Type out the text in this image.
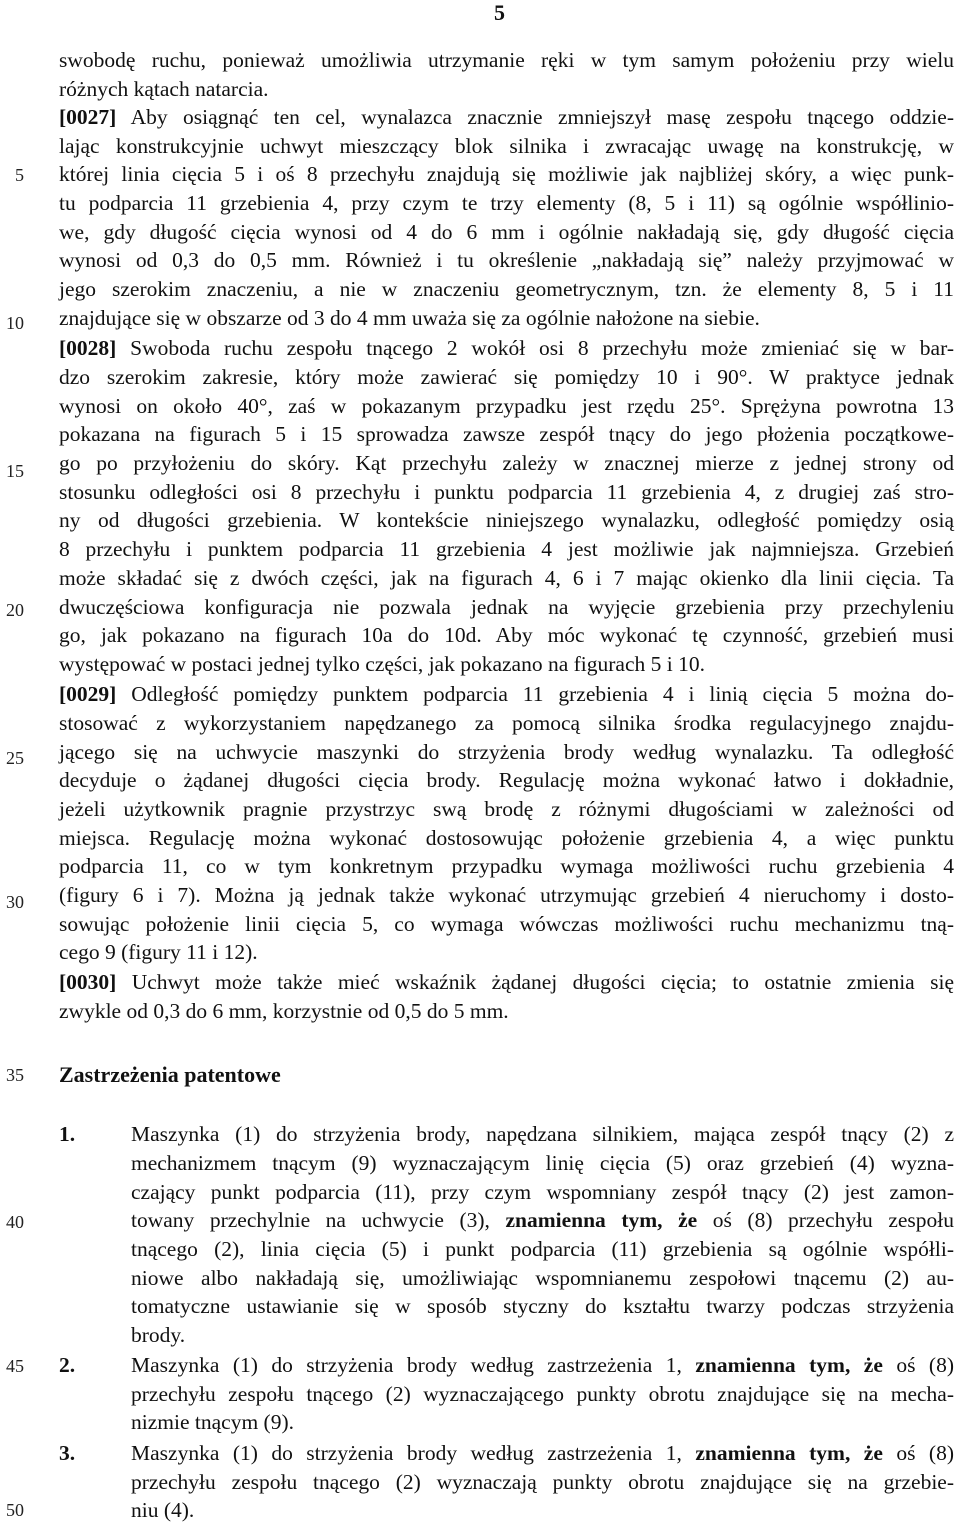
5
5
10
15
20
25
30
35
40
45
50
swobodę ruchu, ponieważ umożliwia utrzymanie ręki w tym samym położeniu przy wielu
różnych kątach natarcia.
[0027] Aby osiągnąć ten cel, wynalazca znacznie zmniejszył masę zespołu tnącego oddzie-
lając konstrukcyjnie uchwyt mieszczący blok silnika i zwracając uwagę na konstrukcję, w
której linia cięcia 5 i oś 8 przechyłu znajdują się możliwie jak najbliżej skóry, a więc punk-
tu podparcia 11 grzebienia 4, przy czym te trzy elementy (8, 5 i 11) są ogólnie współlinio-
we, gdy długość cięcia wynosi od 4 do 6 mm i ogólnie nakładają się, gdy długość cięcia
wynosi od 0,3 do 0,5 mm. Również i tu określenie „nakładają się” należy przyjmować w
jego szerokim znaczeniu, a nie w znaczeniu geometrycznym, tzn. że elementy 8, 5 i 11
znajdujące się w obszarze od 3 do 4 mm uważa się za ogólnie nałożone na siebie.
[0028] Swoboda ruchu zespołu tnącego 2 wokół osi 8 przechyłu może zmieniać się w bar-
dzo szerokim zakresie, który może zawierać się pomiędzy 10 i 90°. W praktyce jednak
wynosi on około 40°, zaś w pokazanym przypadku jest rzędu 25°. Sprężyna powrotna 13
pokazana na figurach 5 i 15 sprowadza zawsze zespół tnący do jego płożenia początkowe-
go po przyłożeniu do skóry. Kąt przechyłu zależy w znacznej mierze z jednej strony od
stosunku odległości osi 8 przechyłu i punktu podparcia 11 grzebienia 4, z drugiej zaś stro-
ny od długości grzebienia. W kontekście niniejszego wynalazku, odległość pomiędzy osią
8 przechyłu i punktem podparcia 11 grzebienia 4 jest możliwie jak najmniejsza. Grzebień
może składać się z dwóch części, jak na figurach 4, 6 i 7 mając okienko dla linii cięcia. Ta
dwuczęściowa konfiguracja nie pozwala jednak na wyjęcie grzebienia przy przechyleniu
go, jak pokazano na figurach 10a do 10d. Aby móc wykonać tę czynność, grzebień musi
występować w postaci jednej tylko części, jak pokazano na figurach 5 i 10.
[0029] Odległość pomiędzy punktem podparcia 11 grzebienia 4 i linią cięcia 5 można do-
stosować z wykorzystaniem napędzanego za pomocą silnika środka regulacyjnego znajdu-
jącego się na uchwycie maszynki do strzyżenia brody według wynalazku. Ta odległość
decyduje o żądanej długości cięcia brody. Regulację można wykonać łatwo i dokładnie,
jeżeli użytkownik pragnie przystrzyc swą brodę z różnymi długościami w zależności od
miejsca. Regulację można wykonać dostosowując położenie grzebienia 4, a więc punktu
podparcia 11, co w tym konkretnym przypadku wymaga możliwości ruchu grzebienia 4
(figury 6 i 7). Można ją jednak także wykonać utrzymując grzebień 4 nieruchomy i dosto-
sowując położenie linii cięcia 5, co wymaga wówczas możliwości ruchu mechanizmu tną-
cego 9 (figury 11 i 12).
[0030] Uchwyt może także mieć wskaźnik żądanej długości cięcia; to ostatnie zmienia się
zwykle od 0,3 do 6 mm, korzystnie od 0,5 do 5 mm.
Zastrzeżenia patentowe
1.	Maszynka (1) do strzyżenia brody, napędzana silnikiem, mająca zespół tnący (2) z
mechanizmem tnącym (9) wyznaczającym linię cięcia (5) oraz grzebień (4) wyzna-
czający punkt podparcia (11), przy czym wspomniany zespół tnący (2) jest zamon-
towany przechylnie na uchwycie (3), znamienna tym, że oś (8) przechyłu zespołu
tnącego (2), linia cięcia (5) i punkt podparcia (11) grzebienia są ogólnie współli-
niowe albo nakładają się, umożliwiając wspomnianemu zespołowi tnącemu (2) au-
tomatyczne ustawianie się w sposób styczny do kształtu twarzy podczas strzyżenia
brody.
2.	Maszynka (1) do strzyżenia brody według zastrzeżenia 1, znamienna tym, że oś (8)
przechyłu zespołu tnącego (2) wyznaczającego punkty obrotu znajdujące się na mecha-
nizmie tnącym (9).
3.	Maszynka (1) do strzyżenia brody według zastrzeżenia 1, znamienna tym, że oś (8)
przechyłu zespołu tnącego (2) wyznaczają punkty obrotu znajdujące się na grzebie-
niu (4).
